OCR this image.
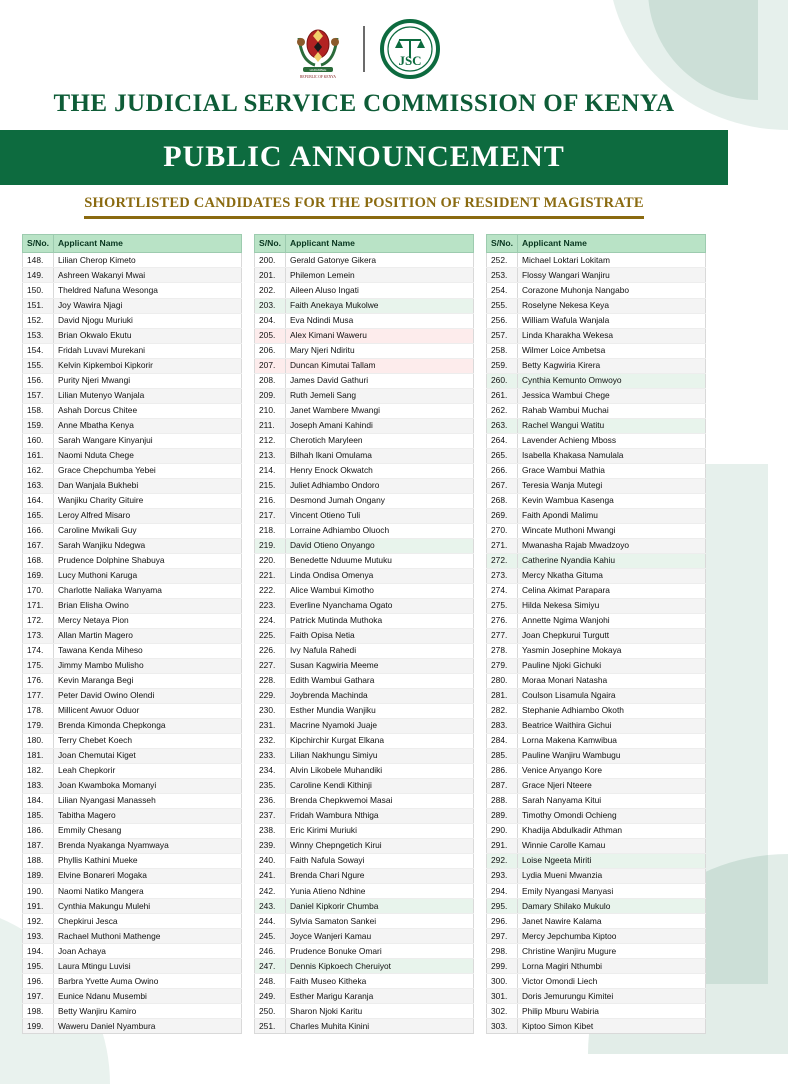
HARAMBEE
REPUBLIC OF KENYA
JSC
THE JUDICIAL SERVICE COMMISSION OF KENYA
PUBLIC ANNOUNCEMENT
SHORTLISTED CANDIDATES FOR THE POSITION OF RESIDENT MAGISTRATE
S/No.	Applicant Name
148.	Lilian Cherop Kimeto
149.	Ashreen Wakanyi Mwai
150.	Theldred Nafuna Wesonga
151.	Joy Wawira Njagi
152.	David Njogu Muriuki
153.	Brian Okwalo Ekutu
154.	Fridah Luvavi Murekani
155.	Kelvin Kipkemboi Kipkorir
156.	Purity Njeri Mwangi
157.	Lilian Mutenyo Wanjala
158.	Ashah Dorcus Chitee
159.	Anne Mbatha Kenya
160.	Sarah Wangare Kinyanjui
161.	Naomi Nduta Chege
162.	Grace Chepchumba Yebei
163.	Dan Wanjala Bukhebi
164.	Wanjiku Charity Gituire
165.	Leroy Alfred Misaro
166.	Caroline Mwikali Guy
167.	Sarah Wanjiku Ndegwa
168.	Prudence Dolphine Shabuya
169.	Lucy Muthoni Karuga
170.	Charlotte Naliaka Wanyama
171.	Brian Elisha Owino
172.	Mercy Netaya Pion
173.	Allan Martin Magero
174.	Tawana Kenda Miheso
175.	Jimmy Mambo Mulisho
176.	Kevin Maranga Begi
177.	Peter David Owino Olendi
178.	Millicent Awuor Oduor
179.	Brenda Kimonda Chepkonga
180.	Terry Chebet Koech
181.	Joan Chemutai Kiget
182.	Leah Chepkorir
183.	Joan Kwamboka Momanyi
184.	Lilian Nyangasi Manasseh
185.	Tabitha Magero
186.	Emmily Chesang
187.	Brenda Nyakanga Nyamwaya
188.	Phyllis Kathini Mueke
189.	Elvine Bonareri Mogaka
190.	Naomi Natiko Mangera
191.	Cynthia Makungu Mulehi
192.	Chepkirui Jesca
193.	Rachael Muthoni Mathenge
194.	Joan Achaya
195.	Laura Mtingu Luvisi
196.	Barbra Yvette Auma Owino
197.	Eunice Ndanu Musembi
198.	Betty Wanjiru Kamiro
199.	Waweru Daniel Nyambura
S/No.	Applicant Name
200.	Gerald Gatonye Gikera
201.	Philemon Lemein
202.	Aileen Aluso Ingati
203.	Faith Anekaya Mukolwe
204.	Eva Ndindi Musa
205.	Alex Kimani Waweru
206.	Mary Njeri Ndiritu
207.	Duncan Kimutai Tallam
208.	James David Gathuri
209.	Ruth Jemeli Sang
210.	Janet Wambere Mwangi
211.	Joseph Amani Kahindi
212.	Cherotich Maryleen
213.	Bilhah Ikani Omulama
214.	Henry Enock Okwatch
215.	Juliet Adhiambo Ondoro
216.	Desmond Jumah Ongany
217.	Vincent Otieno Tuli
218.	Lorraine Adhiambo Oluoch
219.	David Otieno Onyango
220.	Benedette Nduume Mutuku
221.	Linda Ondisa Omenya
222.	Alice Wambui Kimotho
223.	Everline Nyanchama Ogato
224.	Patrick Mutinda Muthoka
225.	Faith Opisa Netia
226.	Ivy Nafula Rahedi
227.	Susan Kagwiria Meeme
228.	Edith Wambui Gathara
229.	Joybrenda Machinda
230.	Esther Mundia Wanjiku
231.	Macrine Nyamoki Juaje
232.	Kipchirchir Kurgat Elkana
233.	Lilian Nakhungu Simiyu
234.	Alvin Likobele Muhandiki
235.	Caroline Kendi Kithinji
236.	Brenda Chepkwemoi Masai
237.	Fridah Wambura Nthiga
238.	Eric Kirimi Muriuki
239.	Winny Chepngetich Kirui
240.	Faith Nafula Sowayi
241.	Brenda Chari Ngure
242.	Yunia Atieno Ndhine
243.	Daniel Kipkorir Chumba
244.	Sylvia Samaton Sankei
245.	Joyce Wanjeri Kamau
246.	Prudence Bonuke Omari
247.	Dennis Kipkoech Cheruiyot
248.	Faith Museo Kitheka
249.	Esther Marigu Karanja
250.	Sharon Njoki Karitu
251.	Charles Muhita Kinini
S/No.	Applicant Name
252.	Michael Loktari Lokitam
253.	Flossy Wangari Wanjiru
254.	Corazone Muhonja Nangabo
255.	Roselyne Nekesa Keya
256.	William Wafula Wanjala
257.	Linda Kharakha Wekesa
258.	Wilmer Loice Ambetsa
259.	Betty Kagwiria Kirera
260.	Cynthia Kemunto Omwoyo
261.	Jessica Wambui Chege
262.	Rahab Wambui Muchai
263.	Rachel Wangui Watitu
264.	Lavender Achieng Mboss
265.	Isabella Khakasa Namulala
266.	Grace Wambui Mathia
267.	Teresia Wanja Mutegi
268.	Kevin Wambua Kasenga
269.	Faith Apondi Malimu
270.	Wincate Muthoni Mwangi
271.	Mwanasha Rajab Mwadzoyo
272.	Catherine Nyandia Kahiu
273.	Mercy Nkatha Gituma
274.	Celina Akimat Parapara
275.	Hilda Nekesa Simiyu
276.	Annette Ngima Wanjohi
277.	Joan Chepkurui Turgutt
278.	Yasmin Josephine Mokaya
279.	Pauline Njoki Gichuki
280.	Moraa Monari Natasha
281.	Coulson Lisamula Ngaira
282.	Stephanie Adhiambo Okoth
283.	Beatrice Waithira Gichui
284.	Lorna Makena Kamwibua
285.	Pauline Wanjiru Wambugu
286.	Venice Anyango Kore
287.	Grace Njeri Nteere
288.	Sarah Nanyama Kitui
289.	Timothy Omondi Ochieng
290.	Khadija Abdulkadir Athman
291.	Winnie Carolle Kamau
292.	Loise Ngeeta Miriti
293.	Lydia Mueni Mwanzia
294.	Emily Nyangasi Manyasi
295.	Damary Shilako Mukulo
296.	Janet Nawire Kalama
297.	Mercy Jepchumba Kiptoo
298.	Christine Wanjiru Mugure
299.	Lorna Magiri Nthumbi
300.	Victor Omondi Liech
301.	Doris Jemurungu Kimitei
302.	Philip Mburu Wabiria
303.	Kiptoo Simon Kibet
